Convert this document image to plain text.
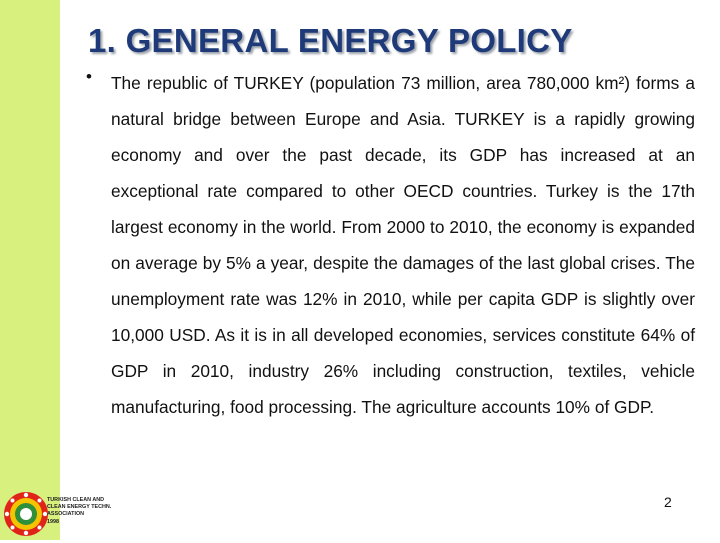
1. GENERAL ENERGY POLICY
• The republic of TURKEY (population 73 million, area 780,000 km²) forms a natural bridge between Europe and Asia. TURKEY is a rapidly growing economy and over the past decade, its GDP has increased at an exceptional rate compared to other OECD countries. Turkey is the 17th largest economy in the world. From 2000 to 2010, the economy is expanded on average by 5% a year, despite the damages of the last global crises. The unemployment rate was 12% in 2010, while per capita GDP is slightly over 10,000 USD. As it is in all developed economies, services constitute 64% of GDP in 2010, industry 26% including construction, textiles, vehicle manufacturing, food processing. The agriculture accounts 10% of GDP.
TURKISH CLEAN AND
CLEAN ENERGY TECHN.
ASSOCIATION
1998
2
